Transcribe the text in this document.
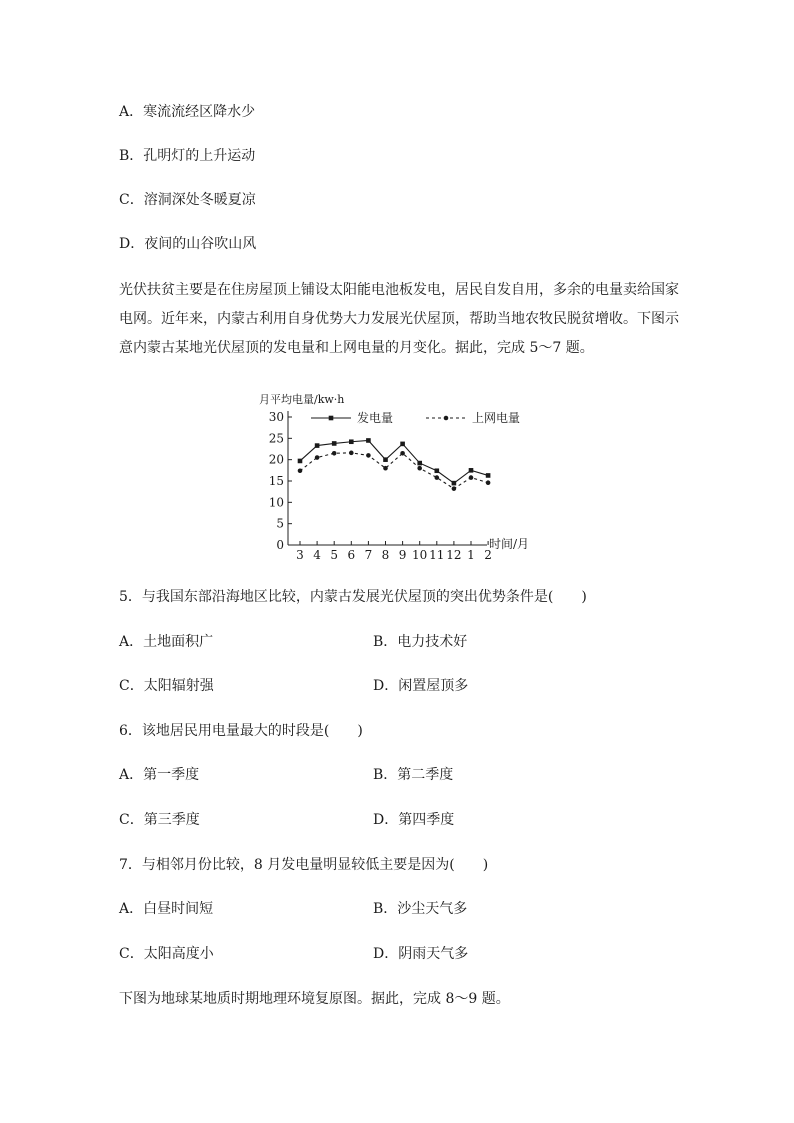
A．寒流流经区降水少
B．孔明灯的上升运动
C．溶洞深处冬暖夏凉
D．夜间的山谷吹山风
光伏扶贫主要是在住房屋顶上铺设太阳能电池板发电，居民自发自用，多余的电量卖给国家电网。近年来，内蒙古利用自身优势大力发展光伏屋顶，帮助当地农牧民脱贫增收。下图示意内蒙古某地光伏屋顶的发电量和上网电量的月变化。据此，完成 5～7 题。
0
5
10
15
20
25
30
3 4 5 6 7 8 9 10 11 12 1 2
月平均电量/kw·h
时间/月
发电量	上网电量
5．与我国东部沿海地区比较，内蒙古发展光伏屋顶的突出优势条件是(　　)
A．土地面积广	B．电力技术好
C．太阳辐射强	D．闲置屋顶多
6．该地居民用电量最大的时段是(　　)
A．第一季度	B．第二季度
C．第三季度	D．第四季度
7．与相邻月份比较，8 月发电量明显较低主要是因为(　　)
A．白昼时间短	B．沙尘天气多
C．太阳高度小	D．阴雨天气多
下图为地球某地质时期地理环境复原图。据此，完成 8～9 题。
